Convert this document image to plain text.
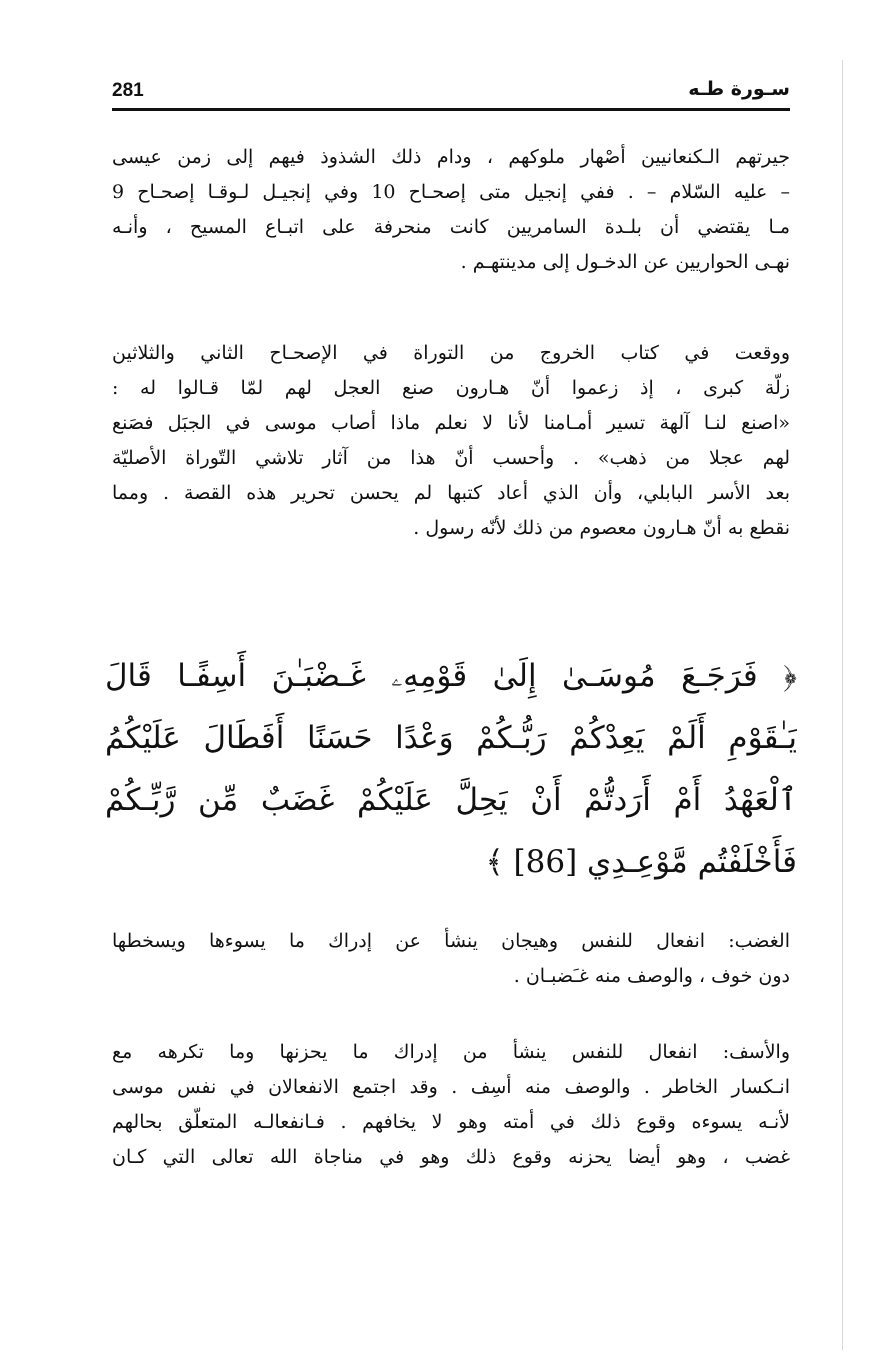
281	سـورة طـه
جيرتهم الـكنعانيين أصْهار ملوكهم ، ودام ذلك الشذوذ فيهم إلى زمن عيسى
– عليه السّلام – . ففي إنجيل متى إصحـاح 10 وفي إنجيـل لـوقـا إصحـاح 9
مـا يقتضي أن بلـدة السامريين كانت منحرفة على اتبـاع المسيح ، وأنـه
نهـى الحواريين عن الدخـول إلى مدينتهـم .
ووقعت في كتاب الخروج من التوراة في الإصحـاح الثاني والثلاثين
زلّة كبرى ، إذ زعموا أنّ هـارون صنع العجل لهم لمّا قـالوا له :
«اصنع لنـا آلهة تسير أمـامنا لأنا لا نعلم ماذا أصاب موسى في الجبَل فصَنع
لهم عجلا من ذهب» . وأحسب أنّ هذا من آثار تلاشي التّوراة الأصليّة
بعد الأسر البابلي، وأن الذي أعاد كتبها لم يحسن تحرير هذه القصة . ومما
نقطع به أنّ هـارون معصوم من ذلك لأنّه رسول .
﴿ فَرَجَـعَ مُوسَـىٰ إِلَىٰ قَوْمِهِۦ غَـضْبَـٰنَ أَسِفًـا قَالَ
يَـٰقَوْمِ أَلَمْ يَعِدْكُمْ رَبُّـكُمْ وَعْدًا حَسَنًا أَفَطَالَ عَلَيْكُمُ
ٱلْعَهْدُ أَمْ أَرَدتُّمْ أَنْ يَحِلَّ عَلَيْكُمْ غَضَبٌ مِّن رَّبِّـكُمْ
فَأَخْلَفْتُم مَّوْعِـدِي [86] ﴾
الغضب: انفعال للنفس وهيجان ينشأ عن إدراك ما يسوءها ويسخطها
دون خوف ، والوصف منه غـَضبـان .
والأسف: انفعال للنفس ينشأ من إدراك ما يحزنها وما تكرهه مع
انـكسار الخاطر . والوصف منه أسِف . وقد اجتمع الانفعالان في نفس موسى
لأنـه يسوءه وقوع ذلك في أمته وهو لا يخافهم . فـانفعالـه المتعلّق بحالهم
غضب ، وهو أيضا يحزنه وقوع ذلك وهو في مناجاة الله تعالى التي كـان
